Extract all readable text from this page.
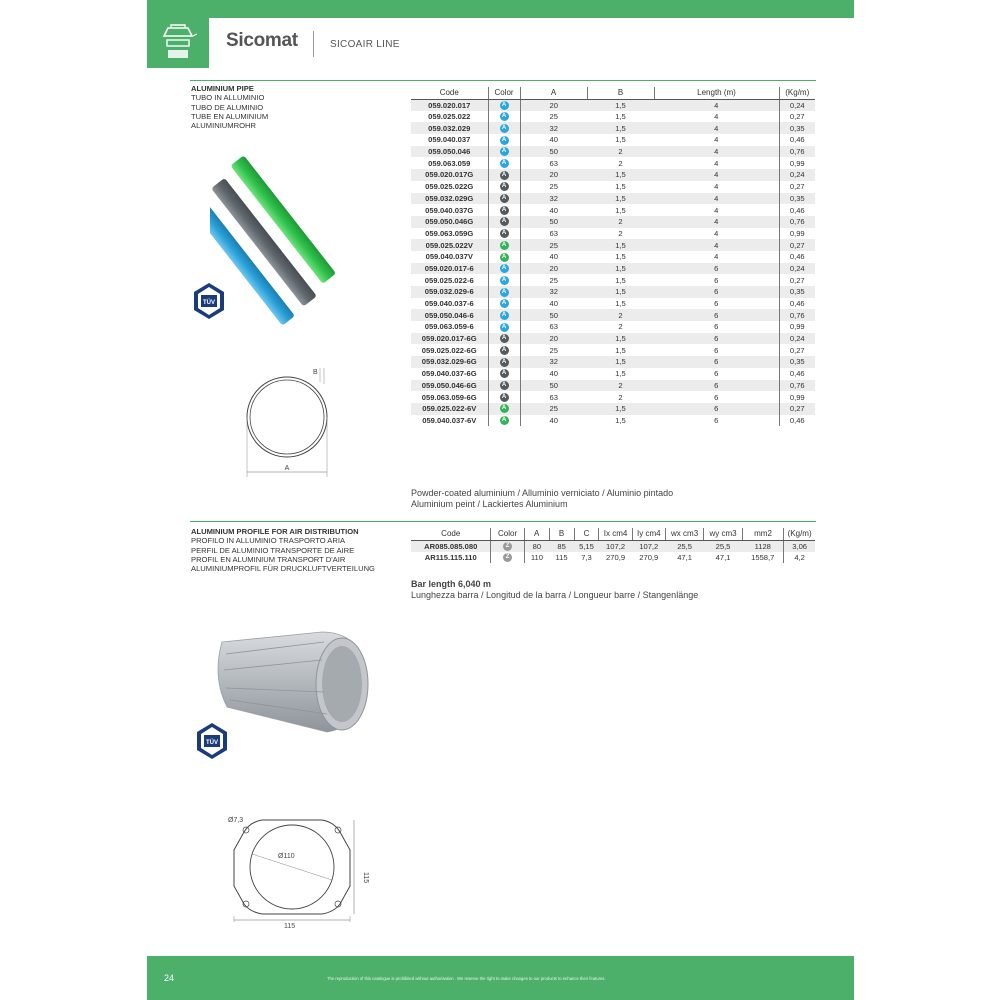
Sicomat	SICOAIR LINE
ALUMINIUM PIPE
TUBO IN ALLUMINIO
TUBO DE ALUMINIO
TUBE EN ALUMINIUM
ALUMINIUMROHR
TÜV
A
B
Code	Color	A	B	Length (m)	(Kg/m)
059.020.017	A	20	1,5	4	0,24
059.025.022	A	25	1,5	4	0,27
059.032.029	A	32	1,5	4	0,35
059.040.037	A	40	1,5	4	0,46
059.050.046	A	50	2	4	0,76
059.063.059	A	63	2	4	0,99
059.020.017G	A	20	1,5	4	0,24
059.025.022G	A	25	1,5	4	0,27
059.032.029G	A	32	1,5	4	0,35
059.040.037G	A	40	1,5	4	0,46
059.050.046G	A	50	2	4	0,76
059.063.059G	A	63	2	4	0,99
059.025.022V	A	25	1,5	4	0,27
059.040.037V	A	40	1,5	4	0,46
059.020.017-6	A	20	1,5	6	0,24
059.025.022-6	A	25	1,5	6	0,27
059.032.029-6	A	32	1,5	6	0,35
059.040.037-6	A	40	1,5	6	0,46
059.050.046-6	A	50	2	6	0,76
059.063.059-6	A	63	2	6	0,99
059.020.017-6G	A	20	1,5	6	0,24
059.025.022-6G	A	25	1,5	6	0,27
059.032.029-6G	A	32	1,5	6	0,35
059.040.037-6G	A	40	1,5	6	0,46
059.050.046-6G	A	50	2	6	0,76
059.063.059-6G	A	63	2	6	0,99
059.025.022-6V	A	25	1,5	6	0,27
059.040.037-6V	A	40	1,5	6	0,46
Powder-coated aluminium / Alluminio verniciato / Aluminio pintado
Aluminium peint / Lackiertes Aluminium
ALUMINIUM PROFILE FOR AIR DISTRIBUTION
PROFILO IN ALLUMINIO TRASPORTO ARIA
PERFIL DE ALUMINIO TRANSPORTE DE AIRE
PROFIL EN ALUMINIUM TRANSPORT D'AIR
ALUMINIUMPROFIL FÜR DRUCKLUFTVERTEILUNG
Code	Color	A	B	C	Ix cm4	Iy cm4	wx cm3	wy cm3	mm2	(Kg/m)
AR085.085.080	Z	80	85	5,15	107,2	107,2	25,5	25,5	1128	3,06
AR115.115.110	Z	110	115	7,3	270,9	270,9	47,1	47,1	1558,7	4,2
Bar length 6,040 m
Lunghezza barra / Longitud de la barra / Longueur barre / Stangenlänge
TÜV
Ø7,3
Ø110
115
115
24	The reproduction of this catalogue is prohibited without authorisation . We reserve the right to make changes to our products to enhance their features.
